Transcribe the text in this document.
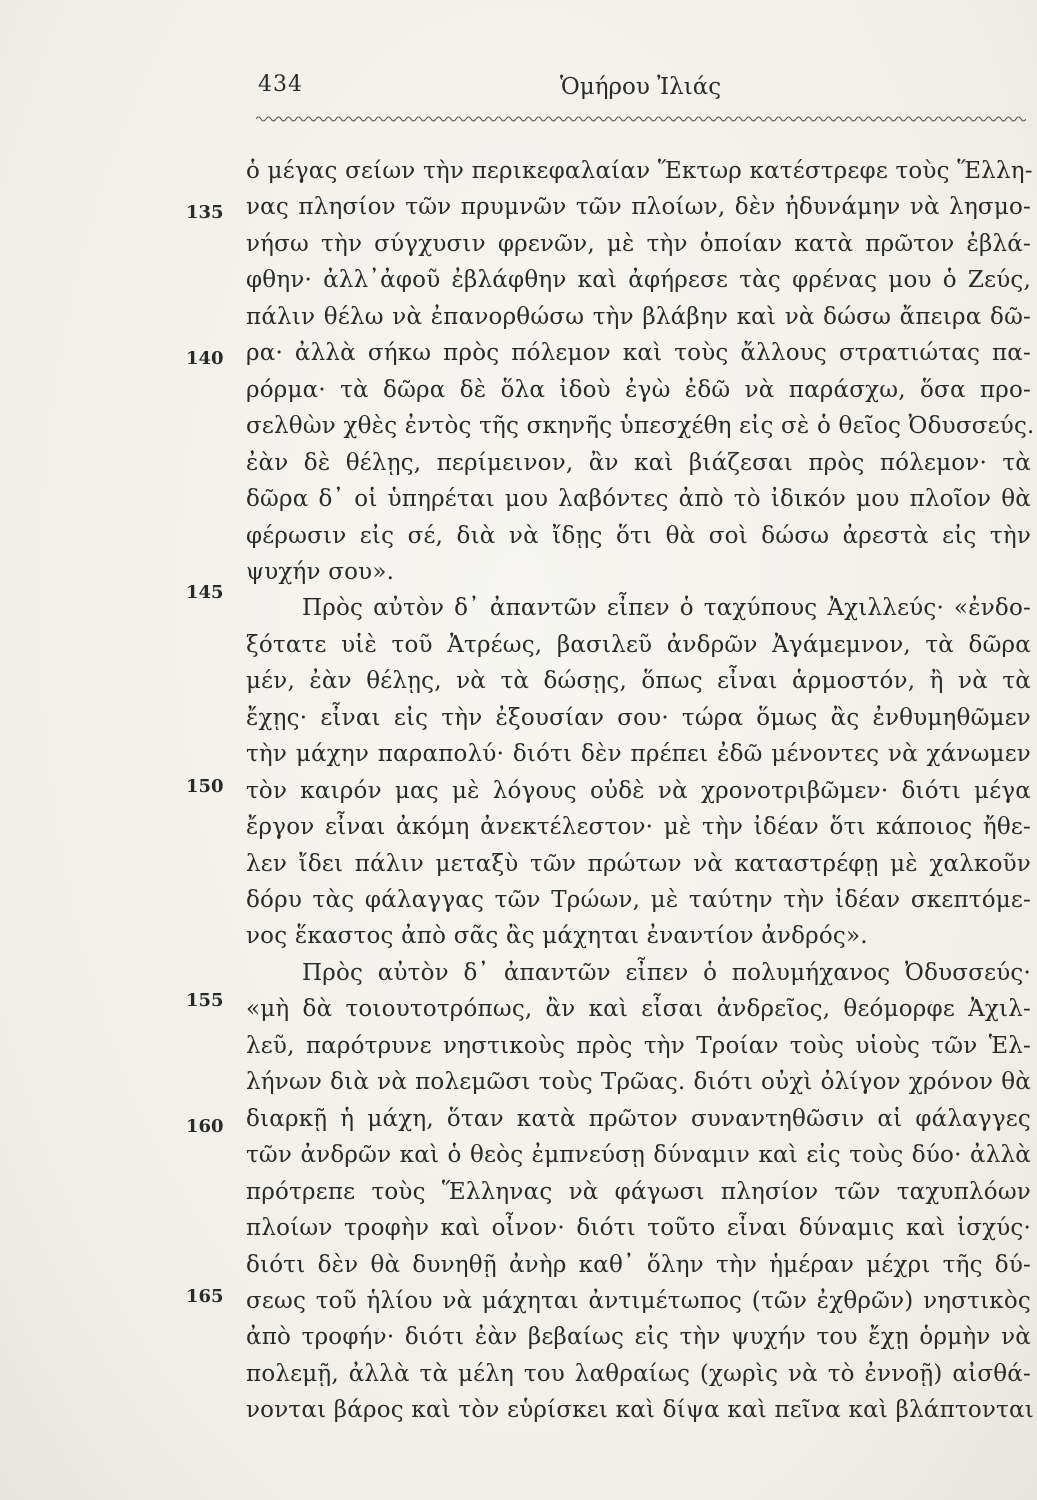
434	Ὁμήρου Ἰλιάς
ὁ μέγας σείων τὴν περικεφαλαίαν Ἕκτωρ κατέστρεφε τοὺς Ἕλλη-
νας πλησίον τῶν πρυμνῶν τῶν πλοίων, δὲν ἠδυνάμην νὰ λησμο-
νήσω τὴν σύγχυσιν φρενῶν, μὲ τὴν ὁποίαν κατὰ πρῶτον ἐβλά-
φθην· ἀλλ᾿ἀφοῦ ἐβλάφθην καὶ ἀφήρεσε τὰς φρένας μου ὁ Ζεύς,
πάλιν θέλω νὰ ἐπανορθώσω τὴν βλάβην καὶ νὰ δώσω ἄπειρα δῶ-
ρα· ἀλλὰ σήκω πρὸς πόλεμον καὶ τοὺς ἄλλους στρατιώτας πα-
ρόρμα· τὰ δῶρα δὲ ὅλα ἰδοὺ ἐγὼ ἐδῶ νὰ παράσχω, ὅσα προ-
σελθὼν χθὲς ἐντὸς τῆς σκηνῆς ὑπεσχέθη εἰς σὲ ὁ θεῖος Ὀδυσσεύς.
ἐὰν δὲ θέλῃς, περίμεινον, ἂν καὶ βιάζεσαι πρὸς πόλεμον· τὰ
δῶρα δ᾿ οἱ ὑπηρέται μου λαβόντες ἀπὸ τὸ ἰδικόν μου πλοῖον θὰ
φέρωσιν εἰς σέ, διὰ νὰ ἴδῃς ὅτι θὰ σοὶ δώσω ἀρεστὰ εἰς τὴν
ψυχήν σου».
Πρὸς αὐτὸν δ᾿ ἀπαντῶν εἶπεν ὁ ταχύπους Ἀχιλλεύς· «ἐνδο-
ξότατε υἱὲ τοῦ Ἀτρέως, βασιλεῦ ἀνδρῶν Ἀγάμεμνον, τὰ δῶρα
μέν, ἐὰν θέλῃς, νὰ τὰ δώσῃς, ὅπως εἶναι ἁρμοστόν, ἢ νὰ τὰ
ἔχῃς· εἶναι εἰς τὴν ἐξουσίαν σου· τώρα ὅμως ἂς ἐνθυμηθῶμεν
τὴν μάχην παραπολύ· διότι δὲν πρέπει ἐδῶ μένοντες νὰ χάνωμεν
τὸν καιρόν μας μὲ λόγους οὐδὲ νὰ χρονοτριβῶμεν· διότι μέγα
ἔργον εἶναι ἀκόμη ἀνεκτέλεστον· μὲ τὴν ἰδέαν ὅτι κάποιος ἤθε-
λεν ἴδει πάλιν μεταξὺ τῶν πρώτων νὰ καταστρέφῃ μὲ χαλκοῦν
δόρυ τὰς φάλαγγας τῶν Τρώων, μὲ ταύτην τὴν ἰδέαν σκεπτόμε-
νος ἕκαστος ἀπὸ σᾶς ἂς μάχηται ἐναντίον ἀνδρός».
Πρὸς αὐτὸν δ᾿ ἀπαντῶν εἶπεν ὁ πολυμήχανος Ὀδυσσεύς·
«μὴ δὰ τοιουτοτρόπως, ἂν καὶ εἶσαι ἀνδρεῖος, θεόμορφε Ἀχιλ-
λεῦ, παρότρυνε νηστικοὺς πρὸς τὴν Τροίαν τοὺς υἱοὺς τῶν Ἑλ-
λήνων διὰ νὰ πολεμῶσι τοὺς Τρῶας. διότι οὐχὶ ὀλίγον χρόνον θὰ
διαρκῇ ἡ μάχη, ὅταν κατὰ πρῶτον συναντηθῶσιν αἱ φάλαγγες
τῶν ἀνδρῶν καὶ ὁ θεὸς ἐμπνεύσῃ δύναμιν καὶ εἰς τοὺς δύο· ἀλλὰ
πρότρεπε τοὺς Ἕλληνας νὰ φάγωσι πλησίον τῶν ταχυπλόων
πλοίων τροφὴν καὶ οἶνον· διότι τοῦτο εἶναι δύναμις καὶ ἰσχύς·
διότι δὲν θὰ δυνηθῇ ἀνὴρ καθ᾿ ὅλην τὴν ἡμέραν μέχρι τῆς δύ-
σεως τοῦ ἡλίου νὰ μάχηται ἀντιμέτωπος (τῶν ἐχθρῶν) νηστικὸς
ἀπὸ τροφήν· διότι ἐὰν βεβαίως εἰς τὴν ψυχήν του ἔχῃ ὁρμὴν νὰ
πολεμῇ, ἀλλὰ τὰ μέλη του λαθραίως (χωρὶς νὰ τὸ ἐννοῇ) αἰσθά-
νονται βάρος καὶ τὸν εὑρίσκει καὶ δίψα καὶ πεῖνα καὶ βλάπτονται
135
140
145
150
155
160
165
